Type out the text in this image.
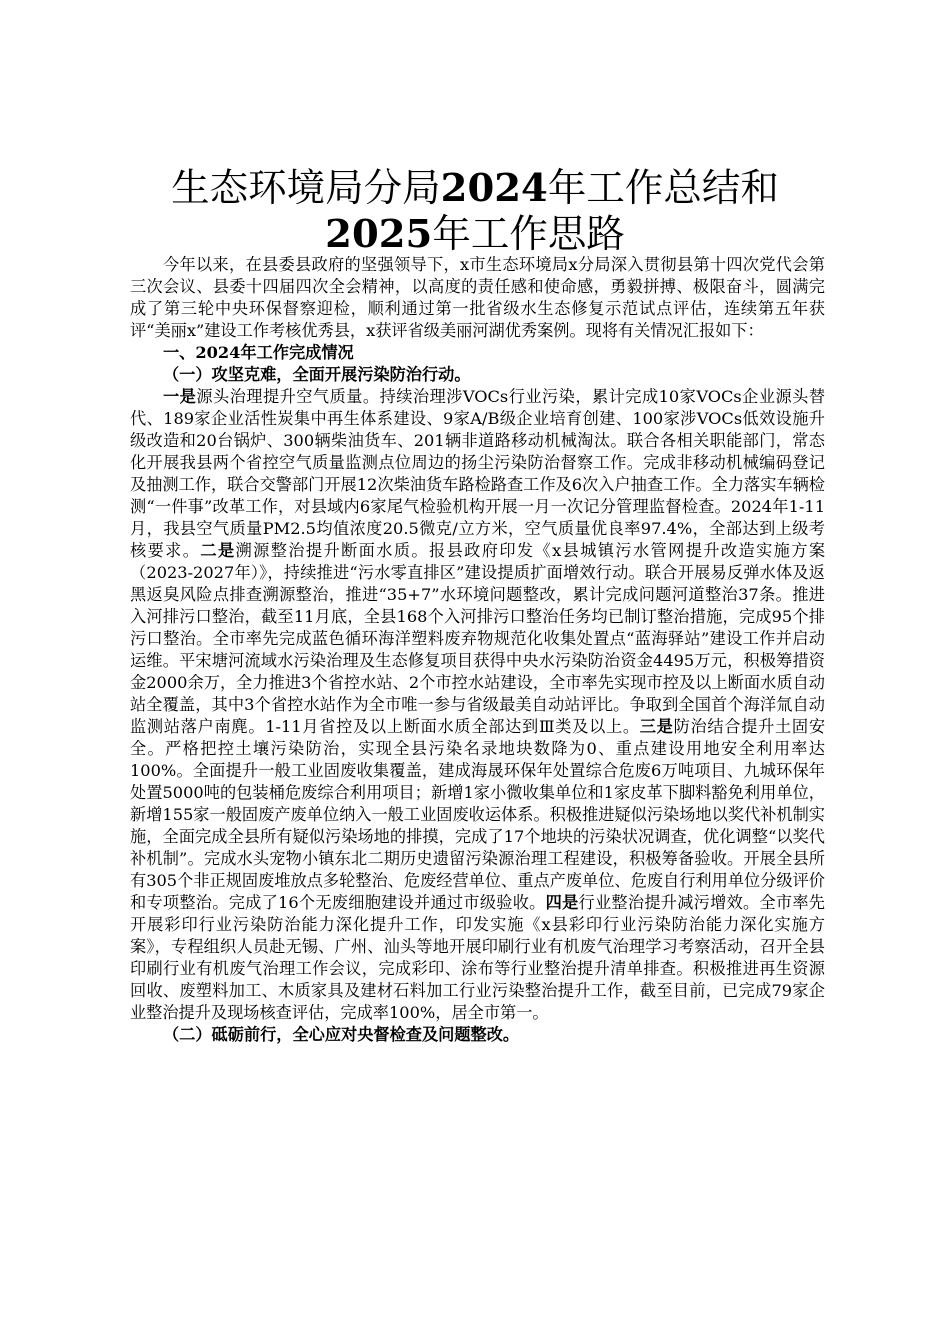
生态环境局分局2024年工作总结和2025年工作思路

今年以来，在县委县政府的坚强领导下，x市生态环境局x分局深入贯彻县第十四次党代会第三次会议、县委十四届四次全会精神，以高度的责任感和使命感，勇毅拼搏、极限奋斗，圆满完成了第三轮中央环保督察迎检，顺利通过第一批省级水生态修复示范试点评估，连续第五年获评“美丽x”建设工作考核优秀县，x获评省级美丽河湖优秀案例。现将有关情况汇报如下：

一、2024年工作完成情况

（一）攻坚克难，全面开展污染防治行动。

一是源头治理提升空气质量。持续治理涉VOCs行业污染，累计完成10家VOCs企业源头替代、189家企业活性炭集中再生体系建设、9家A/B级企业培育创建、100家涉VOCs低效设施升级改造和20台锅炉、300辆柴油货车、201辆非道路移动机械淘汰。联合各相关职能部门，常态化开展我县两个省控空气质量监测点位周边的扬尘污染防治督察工作。完成非移动机械编码登记及抽测工作，联合交警部门开展12次柴油货车路检路查工作及6次入户抽查工作。全力落实车辆检测“一件事”改革工作，对县域内6家尾气检验机构开展一月一次记分管理监督检查。2024年1-11月，我县空气质量PM2.5均值浓度20.5微克/立方米，空气质量优良率97.4%，全部达到上级考核要求。二是溯源整治提升断面水质。报县政府印发《x县城镇污水管网提升改造实施方案（2023-2027年）》，持续推进“污水零直排区”建设提质扩面增效行动。联合开展易反弹水体及返黑返臭风险点排查溯源整治，推进“35+7”水环境问题整改，累计完成问题河道整治37条。推进入河排污口整治，截至11月底，全县168个入河排污口整治任务均已制订整治措施，完成95个排污口整治。全市率先完成蓝色循环海洋塑料废弃物规范化收集处置点“蓝海驿站”建设工作并启动运维。平宋塘河流域水污染治理及生态修复项目获得中央水污染防治资金4495万元，积极筹措资金2000余万，全力推进3个省控水站、2个市控水站建设，全市率先实现市控及以上断面水质自动站全覆盖，其中3个省控水站作为全市唯一参与省级最美自动站评比。争取到全国首个海洋氚自动监测站落户南麂。1-11月省控及以上断面水质全部达到Ⅲ类及以上。三是防治结合提升土固安全。严格把控土壤污染防治，实现全县污染名录地块数降为0、重点建设用地安全利用率达100%。全面提升一般工业固废收集覆盖，建成海晟环保年处置综合危废6万吨项目、九城环保年处置5000吨的包装桶危废综合利用项目；新增1家小微收集单位和1家皮革下脚料豁免利用单位，新增155家一般固废产废单位纳入一般工业固废收运体系。积极推进疑似污染场地以奖代补机制实施，全面完成全县所有疑似污染场地的排摸，完成了17个地块的污染状况调查，优化调整“以奖代补机制”。完成水头宠物小镇东北二期历史遗留污染源治理工程建设，积极筹备验收。开展全县所有305个非正规固废堆放点多轮整治、危废经营单位、重点产废单位、危废自行利用单位分级评价和专项整治。完成了16个无废细胞建设并通过市级验收。四是行业整治提升减污增效。全市率先开展彩印行业污染防治能力深化提升工作，印发实施《x县彩印行业污染防治能力深化实施方案》，专程组织人员赴无锡、广州、汕头等地开展印刷行业有机废气治理学习考察活动，召开全县印刷行业有机废气治理工作会议，完成彩印、涂布等行业整治提升清单排查。积极推进再生资源回收、废塑料加工、木质家具及建材石料加工行业污染整治提升工作，截至目前，已完成79家企业整治提升及现场核查评估，完成率100%，居全市第一。

（二）砥砺前行，全心应对央督检查及问题整改。
